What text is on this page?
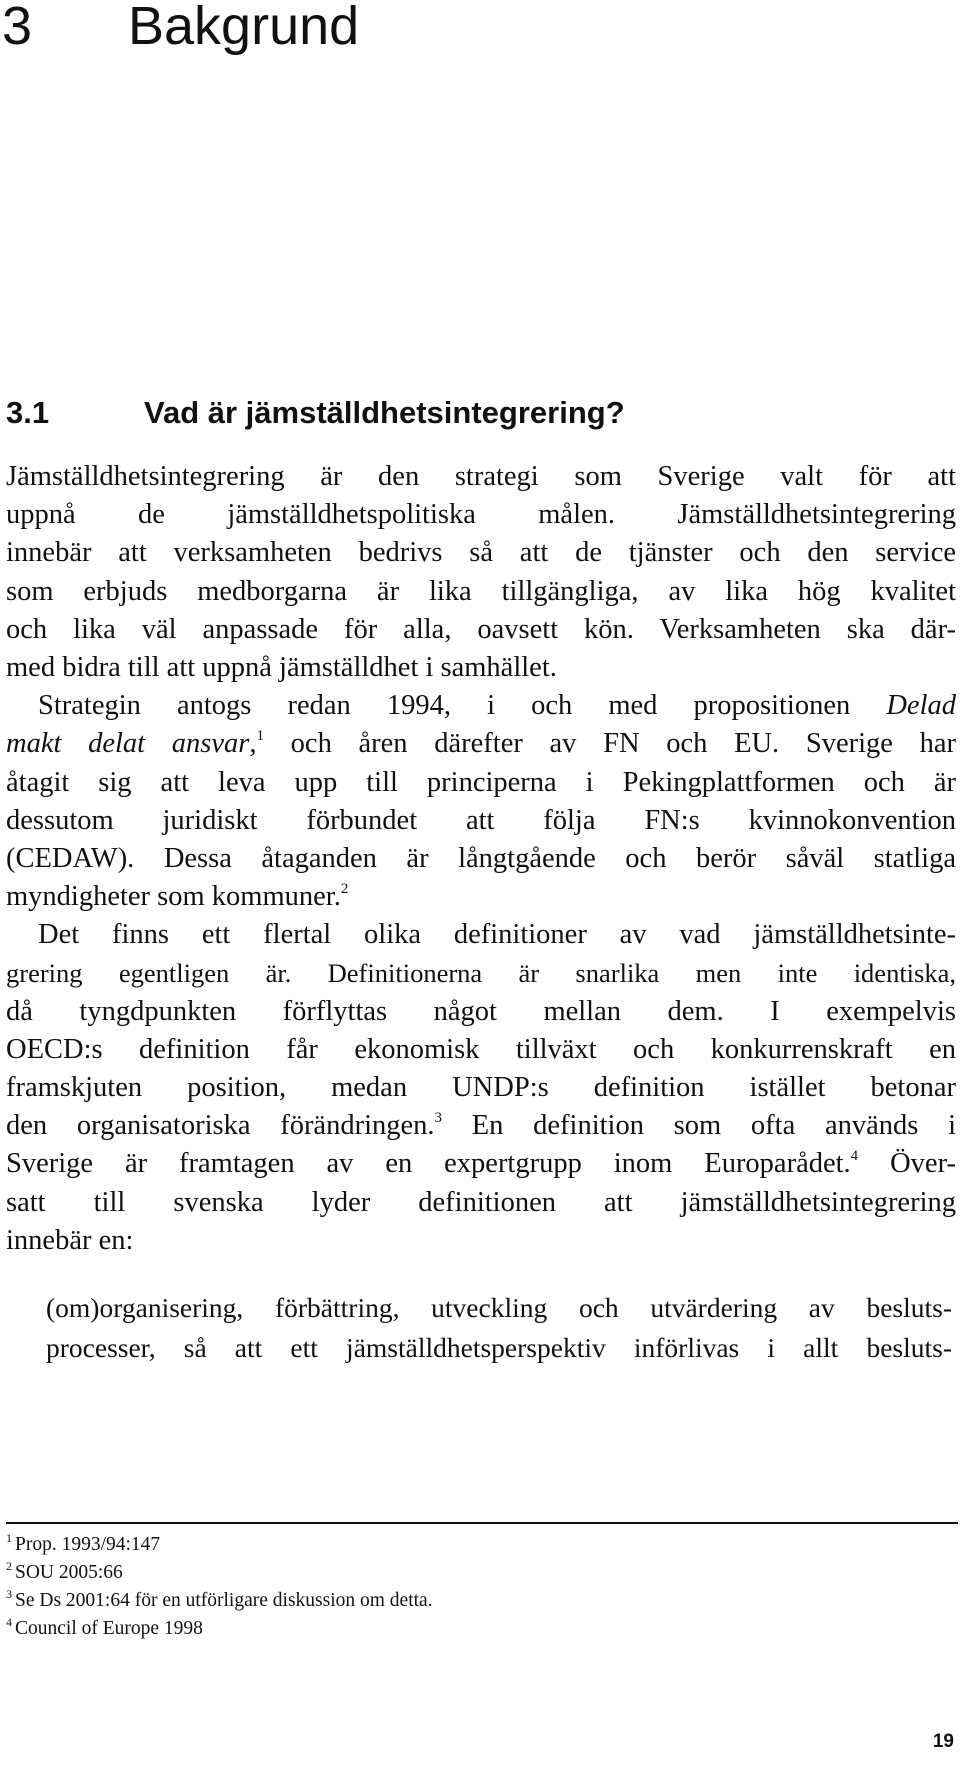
3 Bakgrund
3.1	Vad är jämställdhetsintegrering?
Jämställdhetsintegrering är den strategi som Sverige valt för att
uppnå de jämställdhetspolitiska målen. Jämställdhetsintegrering
innebär att verksamheten bedrivs så att de tjänster och den service
som erbjuds medborgarna är lika tillgängliga, av lika hög kvalitet
och lika väl anpassade för alla, oavsett kön. Verksamheten ska där-
med bidra till att uppnå jämställdhet i samhället.
Strategin antogs redan 1994, i och med propositionen Delad
makt delat ansvar,$^1$ och åren därefter av FN och EU. Sverige har
åtagit sig att leva upp till principerna i Pekingplattformen och är
dessutom juridiskt förbundet att följa FN:s kvinnokonvention
(CEDAW). Dessa åtaganden är långtgående och berör såväl statliga
myndigheter som kommuner.$^2$
Det finns ett flertal olika definitioner av vad jämställdhetsinte-
grering egentligen är. Definitionerna är snarlika men inte identiska,
då tyngdpunkten förflyttas något mellan dem. I exempelvis
OECD:s definition får ekonomisk tillväxt och konkurrenskraft en
framskjuten position, medan UNDP:s definition istället betonar
den organisatoriska förändringen.$^3$ En definition som ofta används i
Sverige är framtagen av en expertgrupp inom Europarådet.$^4$ Över-
satt till svenska lyder definitionen att jämställdhetsintegrering
innebär en:
(om)organisering, förbättring, utveckling och utvärdering av besluts-
processer, så att ett jämställdhetsperspektiv införlivas i allt besluts-
$^1$ Prop. 1993/94:147
$^2$ SOU 2005:66
$^3$ Se Ds 2001:64 för en utförligare diskussion om detta.
$^4$ Council of Europe 1998
19
